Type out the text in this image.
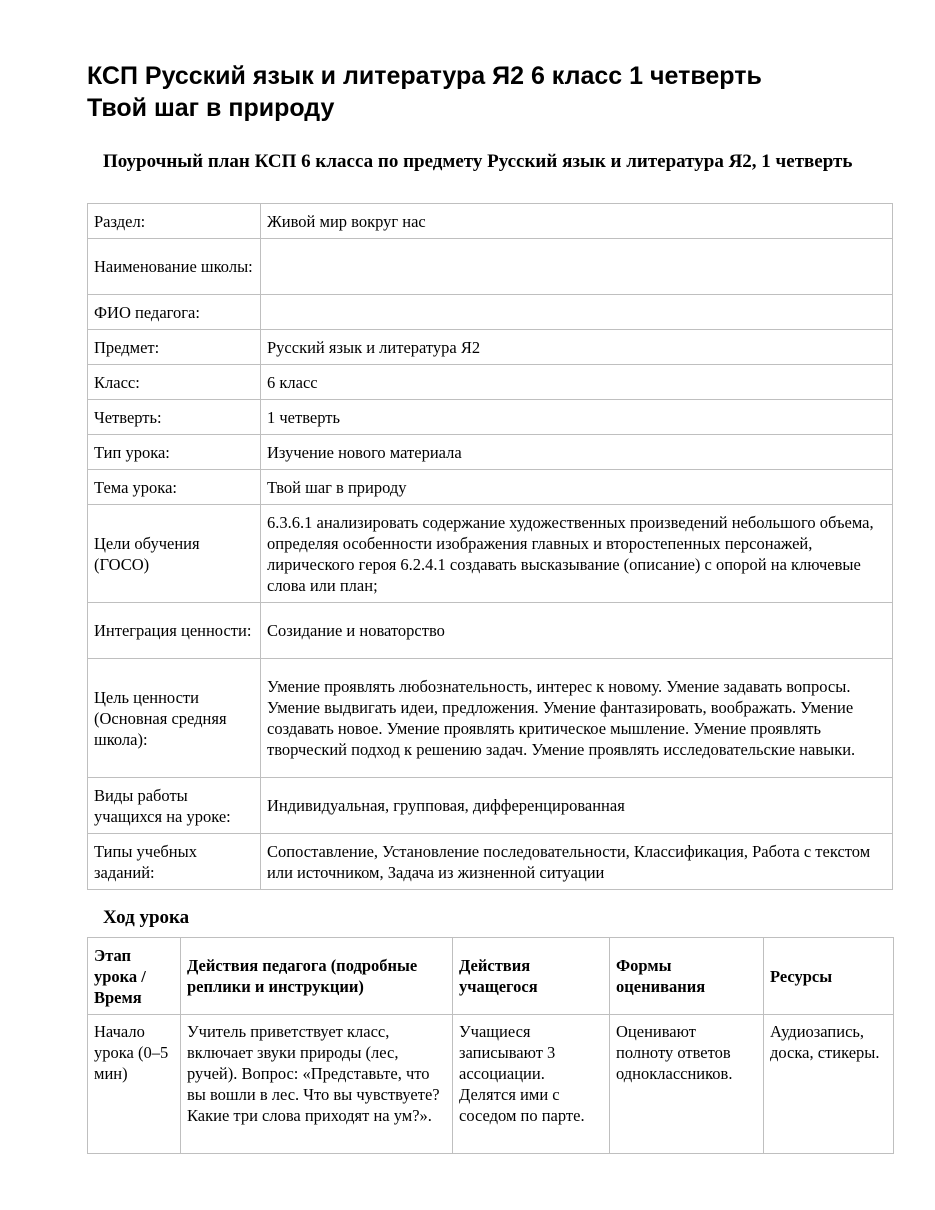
КСП Русский язык и литература Я2 6 класс 1 четверть
Твой шаг в природу
Поурочный план КСП 6 класса по предмету Русский язык и литература Я2, 1 четверть
Раздел:	Живой мир вокруг нас
Наименование школы:	
ФИО педагога:	
Предмет:	Русский язык и литература Я2
Класс:	6 класс
Четверть:	1 четверть
Тип урока:	Изучение нового материала
Тема урока:	Твой шаг в природу
Цели обучения (ГОСО)	6.3.6.1 анализировать содержание художественных произведений небольшого объема, определяя особенности изображения главных и второстепенных персонажей, лирического героя 6.2.4.1 создавать высказывание (описание) с опорой на ключевые слова или план;
Интеграция ценности:	Созидание и новаторство
Цель ценности (Основная средняя школа):	Умение проявлять любознательность, интерес к новому. Умение задавать вопросы. Умение выдвигать идеи, предложения. Умение фантазировать, воображать. Умение создавать новое. Умение проявлять критическое мышление. Умение проявлять творческий подход к решению задач. Умение проявлять исследовательские навыки.
Виды работы учащихся на уроке:	Индивидуальная, групповая, дифференцированная
Типы учебных заданий:	Сопоставление, Установление последовательности, Классификация, Работа с текстом или источником, Задача из жизненной ситуации
Ход урока
Этап урока / Время	Действия педагога (подробные реплики и инструкции)	Действия учащегося	Формы оценивания	Ресурсы
Начало урока (0–5 мин)	Учитель приветствует класс, включает звуки природы (лес, ручей). Вопрос: «Представьте, что вы вошли в лес. Что вы чувствуете? Какие три слова приходят на ум?».	Учащиеся записывают 3 ассоциации. Делятся ими с соседом по парте.	Оценивают полноту ответов одноклассников.	Аудиозапись, доска, стикеры.
